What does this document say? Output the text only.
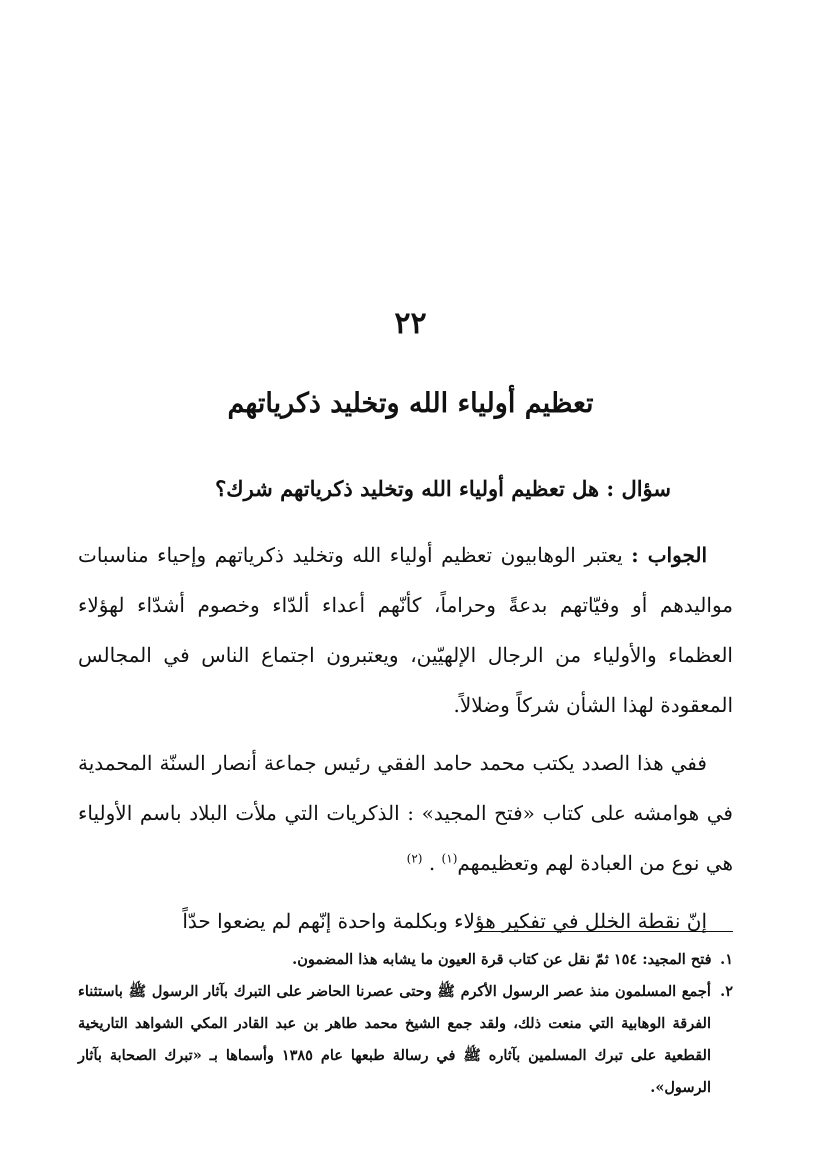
٢٢
تعظيم أولياء الله وتخليد ذكرياتهم
سؤال : هل تعظيم أولياء الله وتخليد ذكرياتهم شرك؟

الجواب : يعتبر الوهابيون تعظيم أولياء الله وتخليد ذكرياتهم وإحياء مناسبات مواليدهم أو وفيّاتهم بدعةً وحراماً، كأنّهم أعداء ألدّاء وخصوم أشدّاء لهؤلاء العظماء والأولياء من الرجال الإلهيّين، ويعتبرون اجتماع الناس في المجالس المعقودة لهذا الشأن شركاً وضلالاً.

ففي هذا الصدد يكتب محمد حامد الفقي رئيس جماعة أنصار السنّة المحمدية في هوامشه على كتاب «فتح المجيد» : الذكريات التي ملأت البلاد باسم الأولياء هي نوع من العبادة لهم وتعظيمهم$^{(١)}$ . $^{(٢)}$

إنّ نقطة الخلل في تفكير هؤلاء وبكلمة واحدة إنّهم لم يضعوا حدّاً

١. فتح المجيد: ١٥٤ ثمّ نقل عن كتاب قرة العيون ما يشابه هذا المضمون.

٢. أجمع المسلمون منذ عصر الرسول الأكرم ﷺ وحتى عصرنا الحاضر على التبرك بآثار الرسول ﷺ باستثناء الفرقة الوهابية التي منعت ذلك، ولقد جمع الشيخ محمد طاهر بن عبد القادر المكي الشواهد التاريخية القطعية على تبرك المسلمين بآثاره ﷺ في رسالة طبعها عام ١٣٨٥ وأسماها بـ «تبرك الصحابة بآثار الرسول».
